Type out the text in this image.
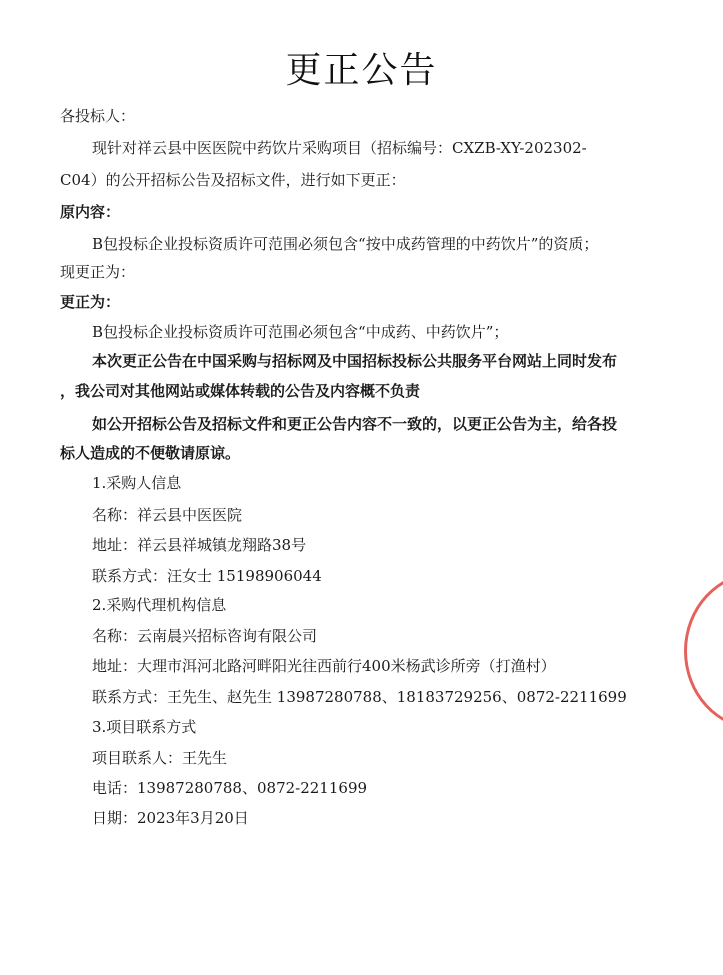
更正公告
各投标人：
现针对祥云县中医医院中药饮片采购项目（招标编号：CXZB-XY-202302-
C04）的公开招标公告及招标文件，进行如下更正：
原内容：
B包投标企业投标资质许可范围必须包含“按中成药管理的中药饮片”的资质；
现更正为：
更正为：
B包投标企业投标资质许可范围必须包含“中成药、中药饮片”；
本次更正公告在中国采购与招标网及中国招标投标公共服务平台网站上同时发布
，我公司对其他网站或媒体转载的公告及内容概不负责
如公开招标公告及招标文件和更正公告内容不一致的，以更正公告为主，给各投
标人造成的不便敬请原谅。
1.采购人信息
名称：祥云县中医医院
地址：祥云县祥城镇龙翔路38号
联系方式：汪女士 15198906044
2.采购代理机构信息
名称：云南晨兴招标咨询有限公司
地址：大理市洱河北路河畔阳光往西前行400米杨武诊所旁（打渔村）
联系方式：王先生、赵先生 13987280788、18183729256、0872-2211699
3.项目联系方式
项目联系人：王先生
电话：13987280788、0872-2211699
日期：2023年3月20日
